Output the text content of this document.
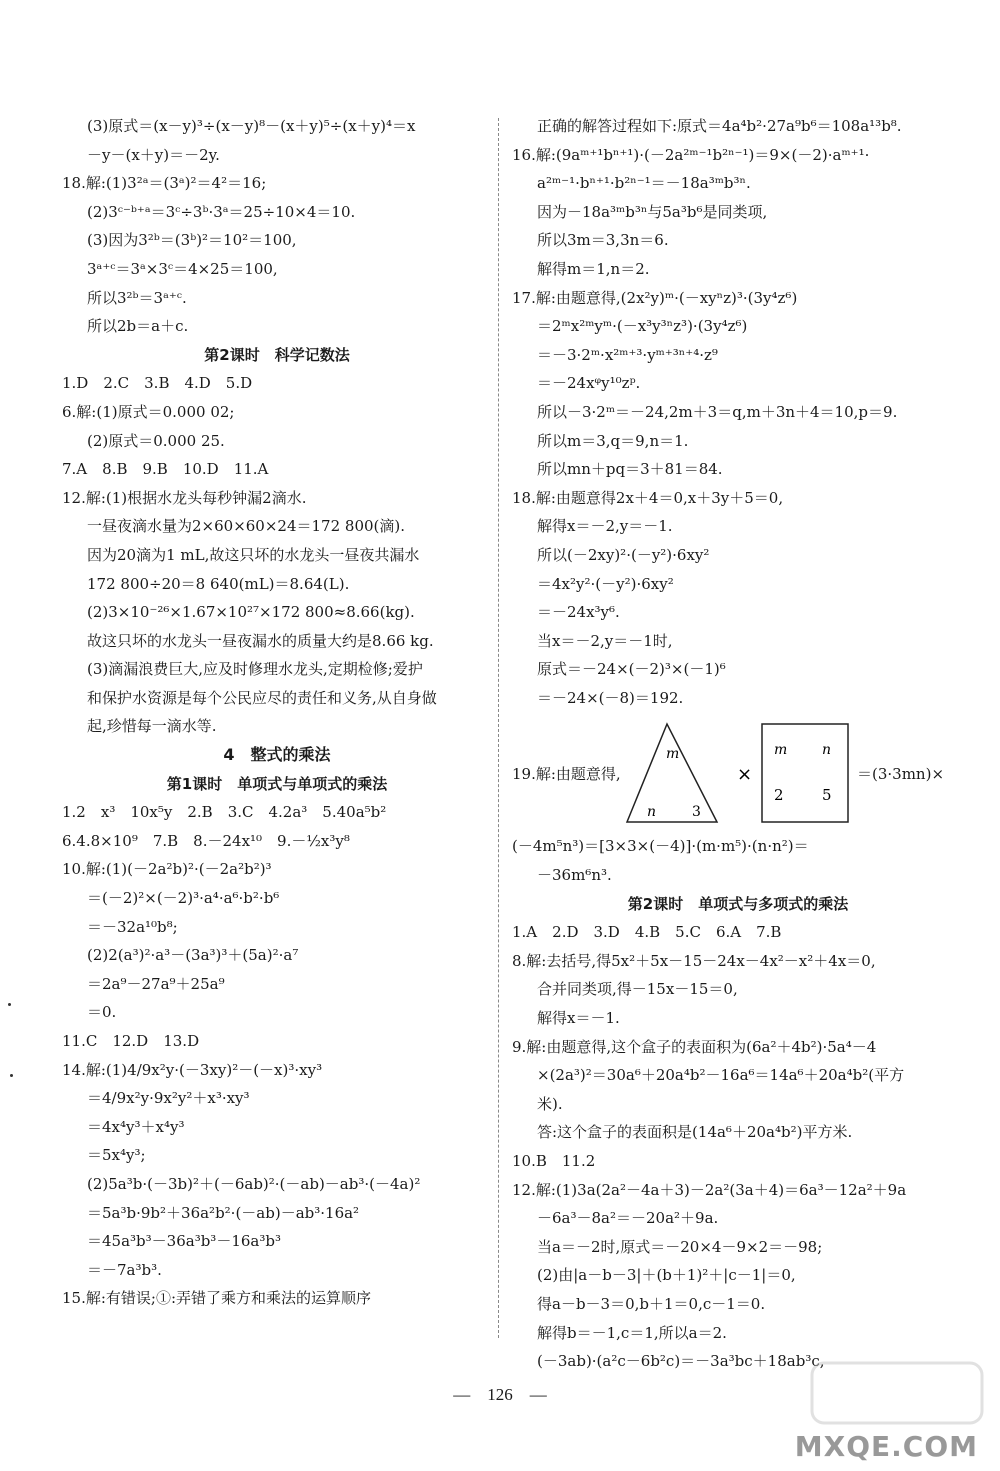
(3)原式＝(x－y)³÷(x－y)⁸－(x＋y)⁵÷(x＋y)⁴＝x
－y－(x＋y)＝－2y.
18.解:(1)3²ᵃ＝(3ᵃ)²＝4²＝16;
(2)3ᶜ⁻ᵇ⁺ᵃ＝3ᶜ÷3ᵇ·3ᵃ＝25÷10×4＝10.
(3)因为3²ᵇ＝(3ᵇ)²＝10²＝100,
3ᵃ⁺ᶜ＝3ᵃ×3ᶜ＝4×25＝100,
所以3²ᵇ＝3ᵃ⁺ᶜ.
所以2b＝a＋c.
第2课时　科学记数法
1.D　2.C　3.B　4.D　5.D
6.解:(1)原式＝0.000 02;
(2)原式＝0.000 25.
7.A　8.B　9.B　10.D　11.A
12.解:(1)根据水龙头每秒钟漏2滴水.
一昼夜滴水量为2×60×60×24＝172 800(滴).
因为20滴为1 mL,故这只坏的水龙头一昼夜共漏水
172 800÷20＝8 640(mL)＝8.64(L).
(2)3×10⁻²⁶×1.67×10²⁷×172 800≈8.66(kg).
故这只坏的水龙头一昼夜漏水的质量大约是8.66 kg.
(3)滴漏浪费巨大,应及时修理水龙头,定期检修;爱护
和保护水资源是每个公民应尽的责任和义务,从自身做
起,珍惜每一滴水等.
4　整式的乘法
第1课时　单项式与单项式的乘法
1.2　x³　10x⁵y　2.B　3.C　4.2a³　5.40a⁵b²
6.4.8×10⁹　7.B　8.－24x¹⁰　9.－½x³y⁸
10.解:(1)(－2a²b)²·(－2a²b²)³
＝(－2)²×(－2)³·a⁴·a⁶·b²·b⁶
＝－32a¹⁰b⁸;
(2)2(a³)²·a³－(3a³)³＋(5a)²·a⁷
＝2a⁹－27a⁹＋25a⁹
＝0.
11.C　12.D　13.D
14.解:(1)4/9x²y·(－3xy)²－(－x)³·xy³
＝4/9x²y·9x²y²＋x³·xy³
＝4x⁴y³＋x⁴y³
＝5x⁴y³;
(2)5a³b·(－3b)²＋(－6ab)²·(－ab)－ab³·(－4a)²
＝5a³b·9b²＋36a²b²·(－ab)－ab³·16a²
＝45a³b³－36a³b³－16a³b³
＝－7a³b³.
15.解:有错误;①:弄错了乘方和乘法的运算顺序
正确的解答过程如下:原式＝4a⁴b²·27a⁹b⁶＝108a¹³b⁸.
16.解:(9aᵐ⁺¹bⁿ⁺¹)·(－2a²ᵐ⁻¹b²ⁿ⁻¹)＝9×(－2)·aᵐ⁺¹·
a²ᵐ⁻¹·bⁿ⁺¹·b²ⁿ⁻¹＝－18a³ᵐb³ⁿ.
因为－18a³ᵐb³ⁿ与5a³b⁶是同类项,
所以3m＝3,3n＝6.
解得m＝1,n＝2.
17.解:由题意得,(2x²y)ᵐ·(－xyⁿz)³·(3y⁴z⁶)
＝2ᵐx²ᵐyᵐ·(－x³y³ⁿz³)·(3y⁴z⁶)
＝－3·2ᵐ·x²ᵐ⁺³·yᵐ⁺³ⁿ⁺⁴·z⁹
＝－24xᵠy¹⁰zᵖ.
所以－3·2ᵐ＝－24,2m＋3＝q,m＋3n＋4＝10,p＝9.
所以m＝3,q＝9,n＝1.
所以mn＋pq＝3＋81＝84.
18.解:由题意得2x＋4＝0,x＋3y＋5＝0,
解得x＝－2,y＝－1.
所以(－2xy)²·(－y²)·6xy²
＝4x²y²·(－y²)·6xy²
＝－24x³y⁶.
当x＝－2,y＝－1时,
原式＝－24×(－2)³×(－1)⁶
＝－24×(－8)＝192.
19.解:由题意得,
m
n	3
×
m n
2	5
＝(3·3mn)×
(－4m⁵n³)＝[3×3×(－4)]·(m·m⁵)·(n·n²)＝
－36m⁶n³.
第2课时　单项式与多项式的乘法
1.A　2.D　3.D　4.B　5.C　6.A　7.B
8.解:去括号,得5x²＋5x－15－24x－4x²－x²＋4x＝0,
合并同类项,得－15x－15＝0,
解得x＝－1.
9.解:由题意得,这个盒子的表面积为(6a²＋4b²)·5a⁴－4
×(2a³)²＝30a⁶＋20a⁴b²－16a⁶＝14a⁶＋20a⁴b²(平方
米).
答:这个盒子的表面积是(14a⁶＋20a⁴b²)平方米.
10.B　11.2
12.解:(1)3a(2a²－4a＋3)－2a²(3a＋4)＝6a³－12a²＋9a
－6a³－8a²＝－20a²＋9a.
当a＝－2时,原式＝－20×4－9×2＝－98;
(2)由|a－b－3|＋(b＋1)²＋|c－1|＝0,
得a－b－3＝0,b＋1＝0,c－1＝0.
解得b＝－1,c＝1,所以a＝2.
(－3ab)·(a²c－6b²c)＝－3a³bc＋18ab³c,
—　126　—
MXQE.COM
